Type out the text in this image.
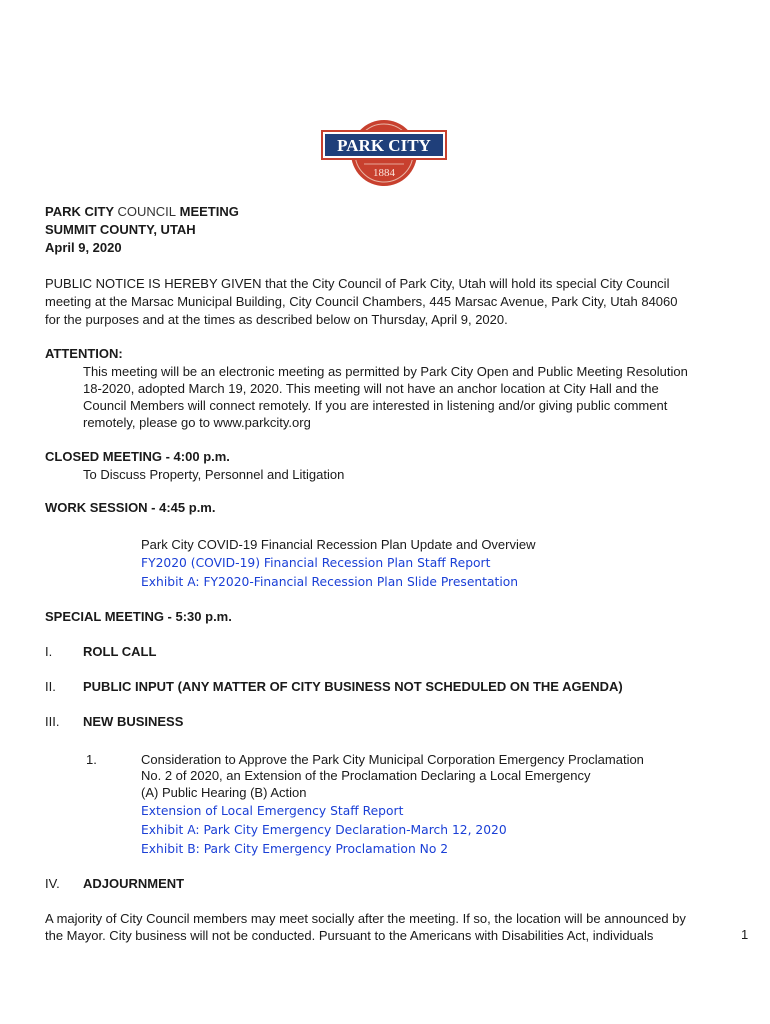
PARK CITY
1884
PARK CITY COUNCIL MEETING
SUMMIT COUNTY, UTAH
April 9, 2020
PUBLIC NOTICE IS HEREBY GIVEN that the City Council of Park City, Utah will hold its special City Council
meeting at the Marsac Municipal Building, City Council Chambers, 445 Marsac Avenue, Park City, Utah 84060
for the purposes and at the times as described below on Thursday, April 9, 2020.
ATTENTION:
This meeting will be an electronic meeting as permitted by Park City Open and Public Meeting Resolution
18-2020, adopted March 19, 2020. This meeting will not have an anchor location at City Hall and the
Council Members will connect remotely. If you are interested in listening and/or giving public comment
remotely, please go to www.parkcity.org
CLOSED MEETING - 4:00 p.m.
To Discuss Property, Personnel and Litigation
WORK SESSION - 4:45 p.m.
Park City COVID-19 Financial Recession Plan Update and Overview
FY2020 (COVID-19) Financial Recession Plan Staff Report
Exhibit A: FY2020-Financial Recession Plan Slide Presentation
SPECIAL MEETING - 5:30 p.m.
I. ROLL CALL
II. PUBLIC INPUT (ANY MATTER OF CITY BUSINESS NOT SCHEDULED ON THE AGENDA)
III. NEW BUSINESS
1.	Consideration to Approve the Park City Municipal Corporation Emergency Proclamation
No. 2 of 2020, an Extension of the Proclamation Declaring a Local Emergency
(A) Public Hearing (B) Action
Extension of Local Emergency Staff Report
Exhibit A: Park City Emergency Declaration-March 12, 2020
Exhibit B: Park City Emergency Proclamation No 2
IV. ADJOURNMENT
A majority of City Council members may meet socially after the meeting. If so, the location will be announced by
the Mayor. City business will not be conducted. Pursuant to the Americans with Disabilities Act, individuals	1
